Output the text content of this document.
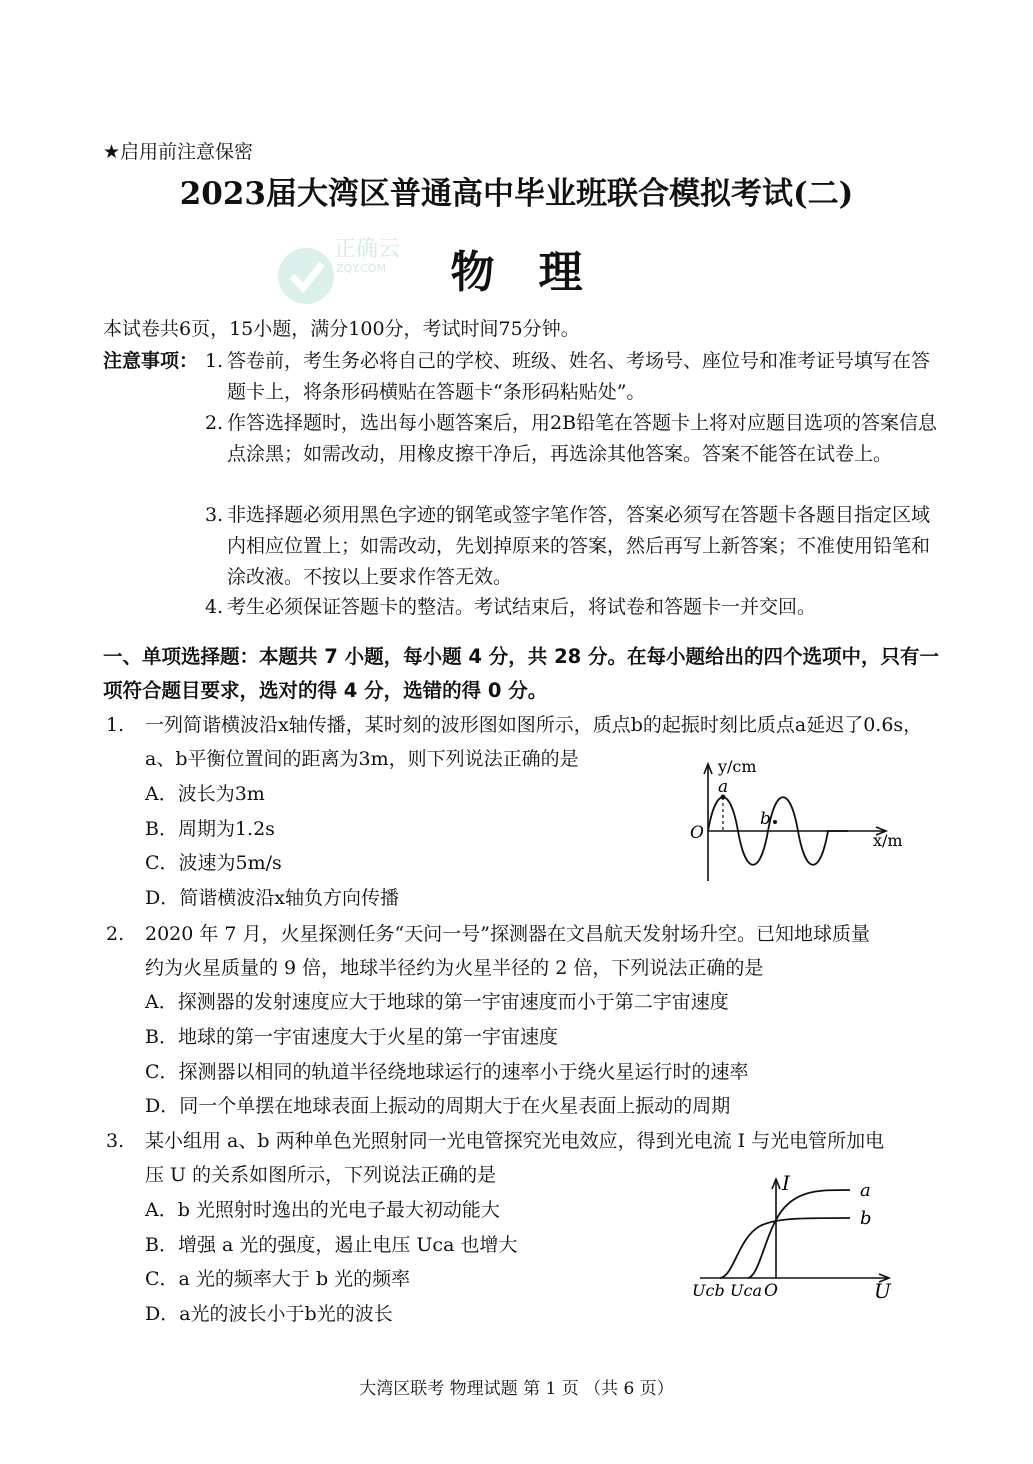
正确云
ZQY.COM
★启用前注意保密
2023届大湾区普通高中毕业班联合模拟考试(二)
物理
本试卷共6页，15小题，满分100分，考试时间75分钟。
注意事项： 1. 答卷前，考生务必将自己的学校、班级、姓名、考场号、座位号和准考证号填写在答题卡上，将条形码横贴在答题卡“条形码粘贴处”。
2. 作答选择题时，选出每小题答案后，用2B铅笔在答题卡上将对应题目选项的答案信息点涂黑；如需改动，用橡皮擦干净后，再选涂其他答案。答案不能答在试卷上。
3. 非选择题必须用黑色字迹的钢笔或签字笔作答，答案必须写在答题卡各题目指定区域内相应位置上；如需改动，先划掉原来的答案，然后再写上新答案；不准使用铅笔和涂改液。不按以上要求作答无效。
4. 考生必须保证答题卡的整洁。考试结束后，将试卷和答题卡一并交回。
一、单项选择题：本题共 7 小题，每小题 4 分，共 28 分。在每小题给出的四个选项中，只有一项符合题目要求，选对的得 4 分，选错的得 0 分。
1. 一列简谐横波沿x轴传播，某时刻的波形图如图所示，质点b的起振时刻比质点a延迟了0.6s，
a、b平衡位置间的距离为3m，则下列说法正确的是
A．波长为3m
B．周期为1.2s
C．波速为5m/s
D．简谐横波沿x轴负方向传播
y/cm
a
b
O	x/m
2. 2020 年 7 月，火星探测任务“天问一号”探测器在文昌航天发射场升空。已知地球质量
约为火星质量的 9 倍，地球半径约为火星半径的 2 倍，下列说法正确的是
A．探测器的发射速度应大于地球的第一宇宙速度而小于第二宇宙速度
B．地球的第一宇宙速度大于火星的第一宇宙速度
C．探测器以相同的轨道半径绕地球运行的速率小于绕火星运行时的速率
D．同一个单摆在地球表面上振动的周期大于在火星表面上振动的周期
3. 某小组用 a、b 两种单色光照射同一光电管探究光电效应，得到光电流 I 与光电管所加电
压 U 的关系如图所示，下列说法正确的是
A．b 光照射时逸出的光电子最大初动能大
B．增强 a 光的强度，遏止电压 Uca 也增大
C．a 光的频率大于 b 光的频率
D．a光的波长小于b光的波长
I	a
b
Ucb Uca O	U
大湾区联考 物理试题 第 1 页 （共 6 页）
